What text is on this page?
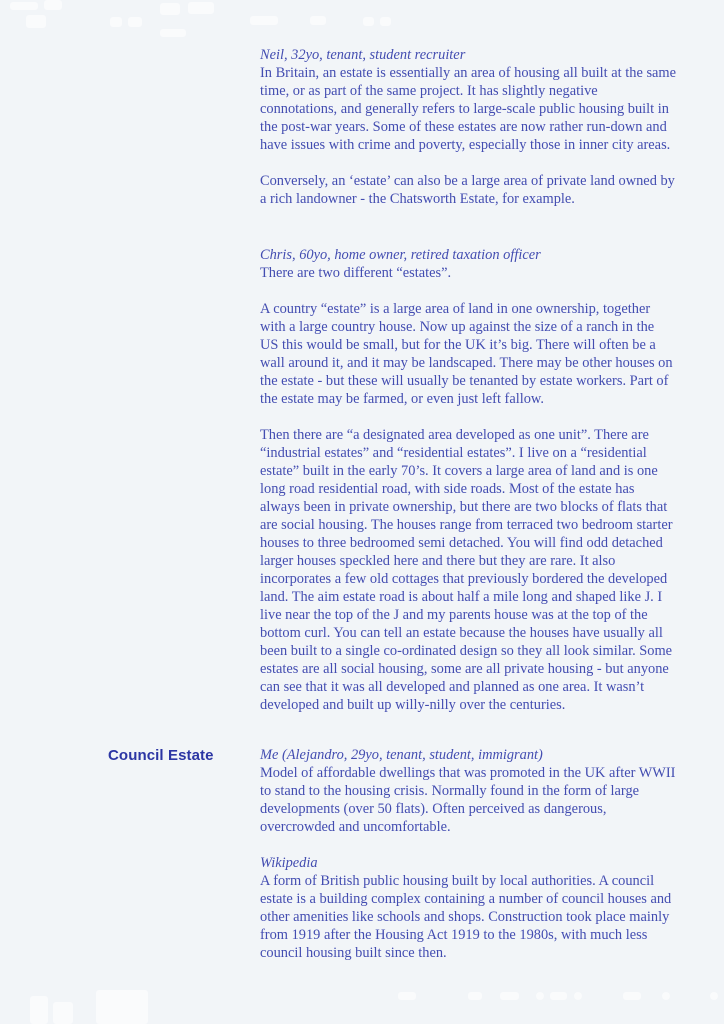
Neil, 32yo, tenant, student recruiter
In Britain, an estate is essentially an area of housing all built at the same time, or as part of the same project. It has slightly negative connotations, and generally refers to large-scale public housing built in the post-war years. Some of these estates are now rather run-down and have issues with crime and poverty, especially those in inner city areas.
Conversely, an ‘estate’ can also be a large area of private land owned by a rich landowner - the Chatsworth Estate, for example.
Chris, 60yo, home owner, retired taxation officer
There are two different “estates”.
A country “estate” is a large area of land in one ownership, together with a large country house. Now up against the size of a ranch in the US this would be small, but for the UK it’s big. There will often be a wall around it, and it may be landscaped. There may be other houses on the estate - but these will usually be tenanted by estate workers. Part of the estate may be farmed, or even just left fallow.
Then there are “a designated area developed as one unit”. There are “industrial estates” and “residential estates”. I live on a “residential estate” built in the early 70’s. It covers a large area of land and is one long road residential road, with side roads. Most of the estate has always been in private ownership, but there are two blocks of flats that are social housing. The houses range from terraced two bedroom starter houses to three bedroomed semi detached. You will find odd detached larger houses speckled here and there but they are rare. It also incorporates a few old cottages that previously bordered the developed land. The aim estate road is about half a mile long and shaped like J. I live near the top of the J and my parents house was at the top of the bottom curl. You can tell an estate because the houses have usually all been built to a single co-ordinated design so they all look similar. Some estates are all social housing, some are all private housing - but anyone can see that it was all developed and planned as one area. It wasn’t developed and built up willy-nilly over the centuries.
Council Estate	Me (Alejandro, 29yo, tenant, student, immigrant)
Model of affordable dwellings that was promoted in the UK after WWII to stand to the housing crisis. Normally found in the form of large developments (over 50 flats). Often perceived as dangerous, overcrowded and uncomfortable.
Wikipedia
A form of British public housing built by local authorities. A council estate is a building complex containing a number of council houses and other amenities like schools and shops. Construction took place mainly from 1919 after the Housing Act 1919 to the 1980s, with much less council housing built since then.
